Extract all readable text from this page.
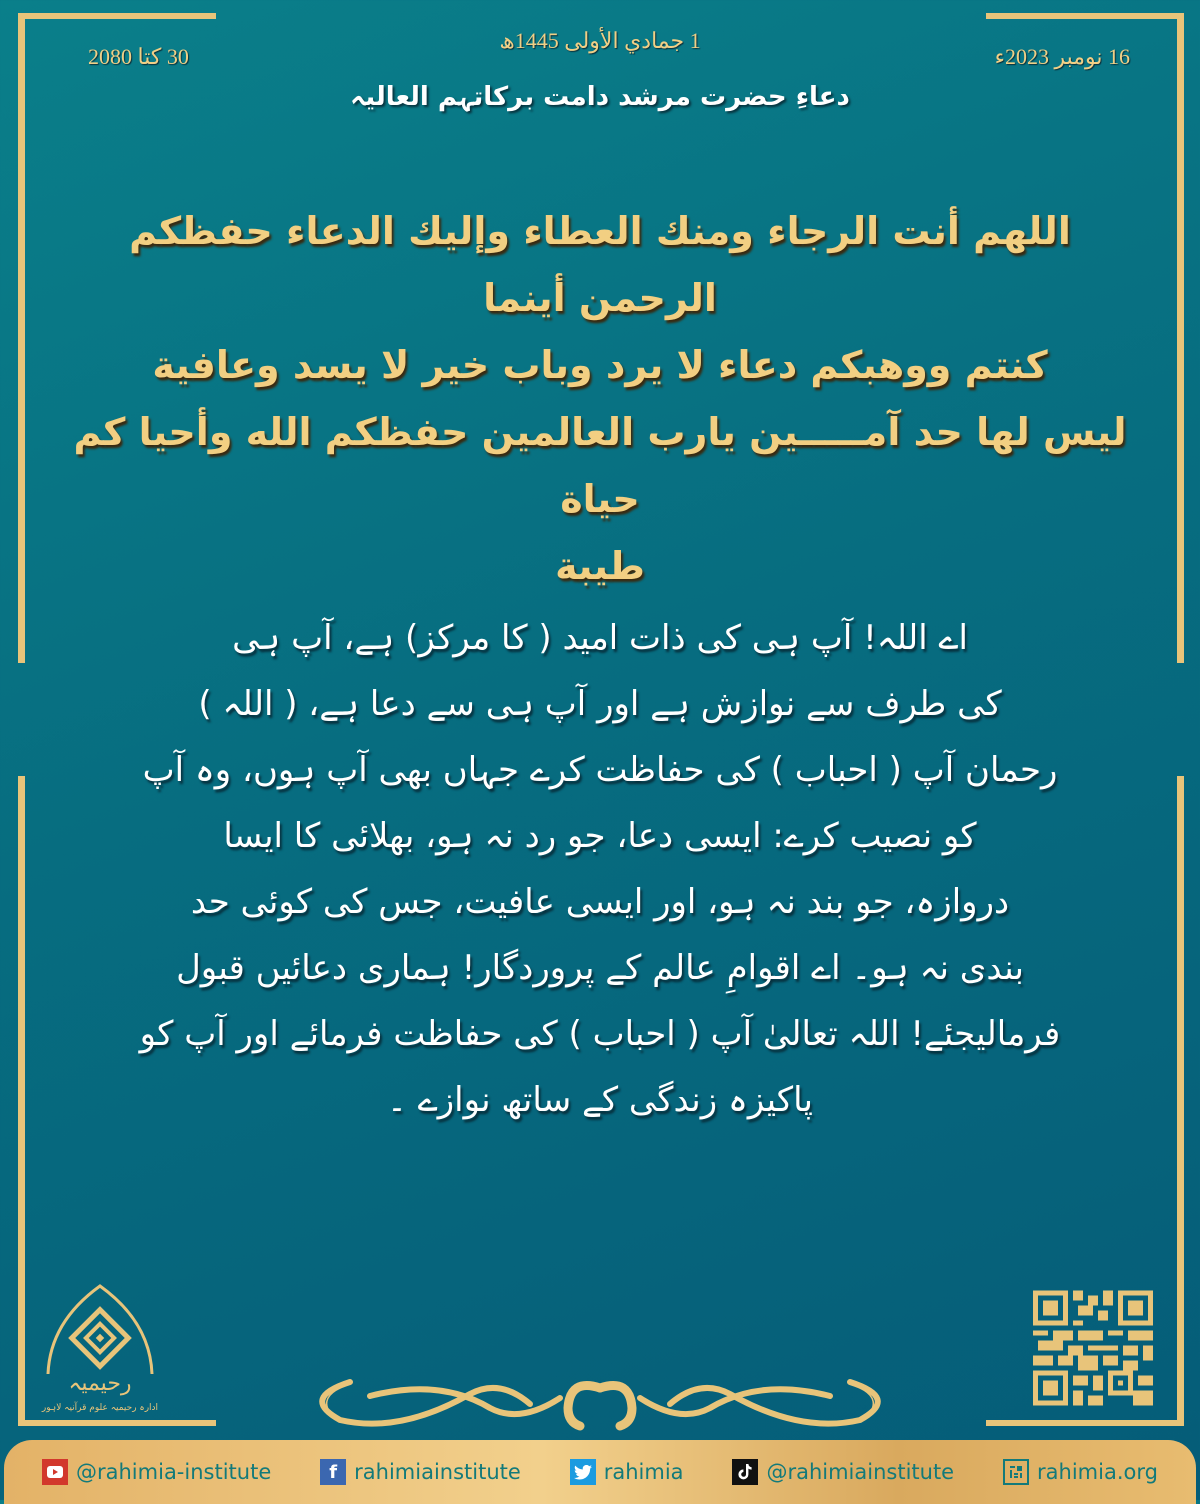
30 کتا 2080
1 جمادي الأولى 1445ھ
16 نومبر 2023ء
دعاءِ حضرت مرشد دامت برکاتہم العالیہ

اللهم أنت الرجاء ومنك العطاء وإليك الدعاء حفظكم الرحمن أينما

كنتم ووهبكم دعاء لا يرد وباب خير لا يسد وعافية

ليس لها حد آمـــــين يارب العالمين حفظكم الله وأحيا كم حياة

طيبة

اے اللہ! آپ ہی کی ذات امید ( کا مرکز) ہے، آپ ہی

کی طرف سے نوازش ہے اور آپ ہی سے دعا ہے، ( اللہ )

رحمان آپ ( احباب ) کی حفاظت کرے جہاں بھی آپ ہوں، وہ آپ

کو نصیب کرے: ایسی دعا، جو رد نہ ہو، بھلائی کا ایسا

دروازہ، جو بند نہ ہو، اور ایسی عافیت، جس کی کوئی حد

بندی نہ ہو۔ اے اقوامِ عالم کے پروردگار! ہماری دعائیں قبول

فرمالیجئے! اللہ تعالیٰ آپ ( احباب ) کی حفاظت فرمائے اور آپ کو

پاکیزہ زندگی کے ساتھ نوازے ۔

رحیمیہ
ادارہ رحیمیہ علوم قرآنیہ لاہور
@rahimia-institute	f rahimiainstitute	rahimia	@rahimiainstitute	rahimia.org
